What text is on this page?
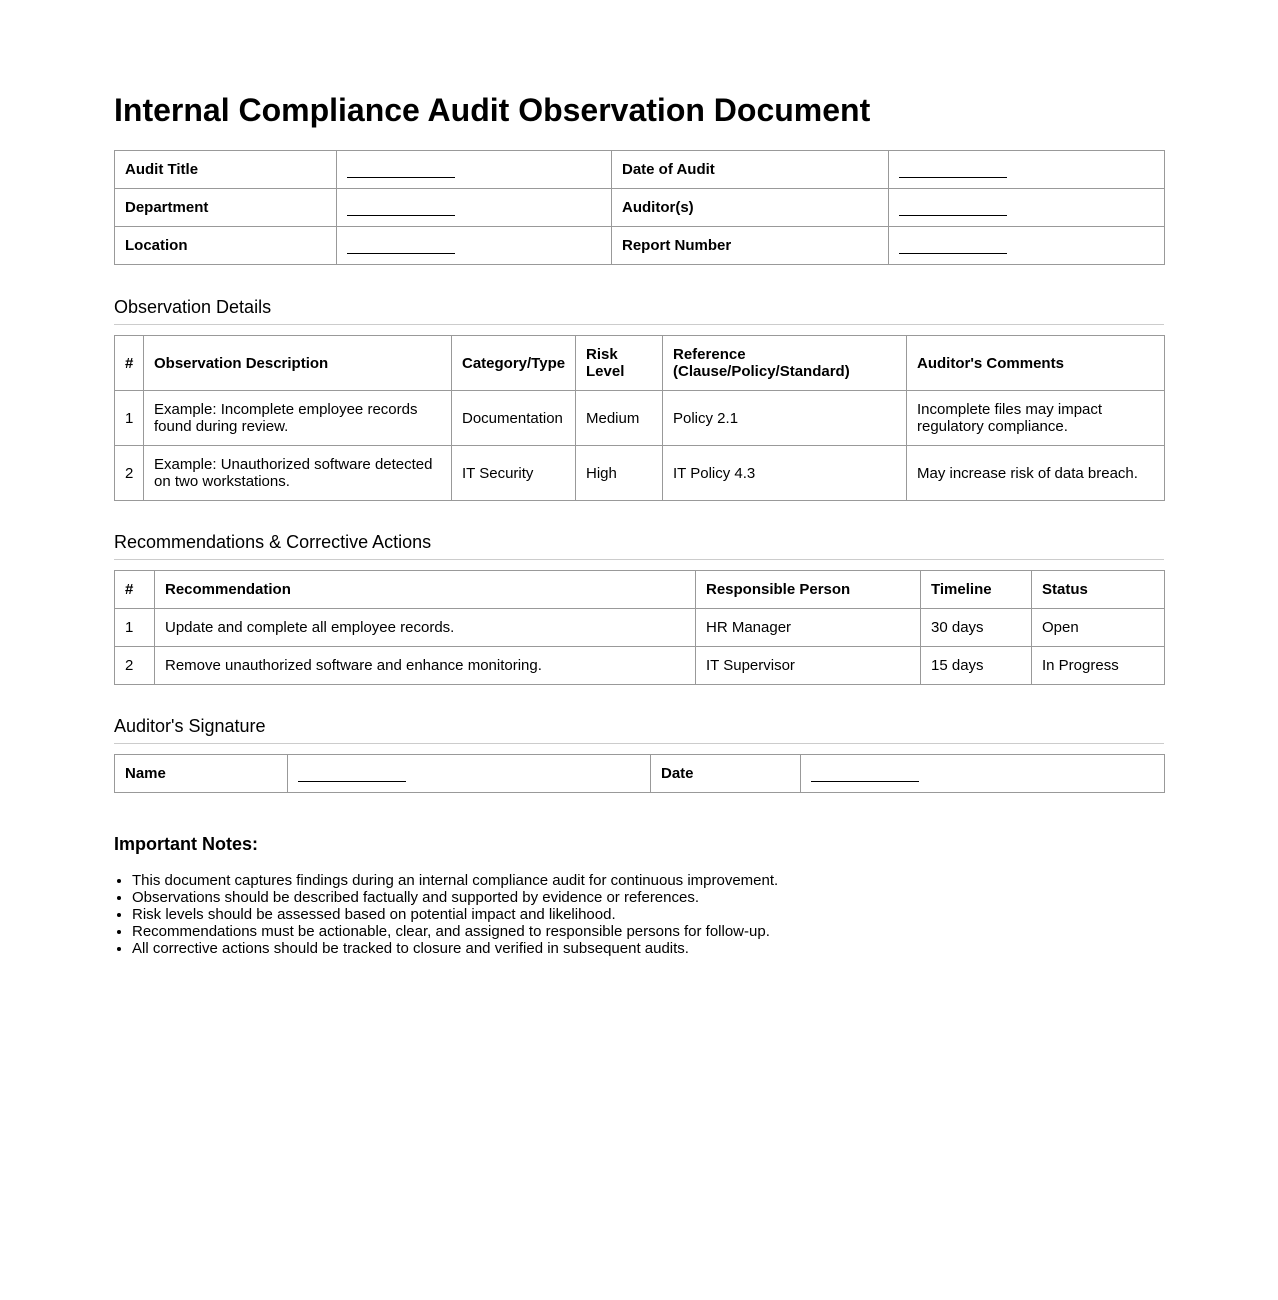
Internal Compliance Audit Observation Document
Audit Title		Date of Audit	
Department		Auditor(s)	
Location		Report Number	
Observation Details
#	Observation Description	Category/Type	Risk Level	Reference (Clause/Policy/Standard)	Auditor's Comments
1	Example: Incomplete employee records found during review.	Documentation	Medium	Policy 2.1	Incomplete files may impact regulatory compliance.
2	Example: Unauthorized software detected on two workstations.	IT Security	High	IT Policy 4.3	May increase risk of data breach.
Recommendations & Corrective Actions
#	Recommendation	Responsible Person	Timeline	Status
1	Update and complete all employee records.	HR Manager	30 days	Open
2	Remove unauthorized software and enhance monitoring.	IT Supervisor	15 days	In Progress
Auditor's Signature
Name		Date	
Important Notes:
• This document captures findings during an internal compliance audit for continuous improvement.
• Observations should be described factually and supported by evidence or references.
• Risk levels should be assessed based on potential impact and likelihood.
• Recommendations must be actionable, clear, and assigned to responsible persons for follow-up.
• All corrective actions should be tracked to closure and verified in subsequent audits.
